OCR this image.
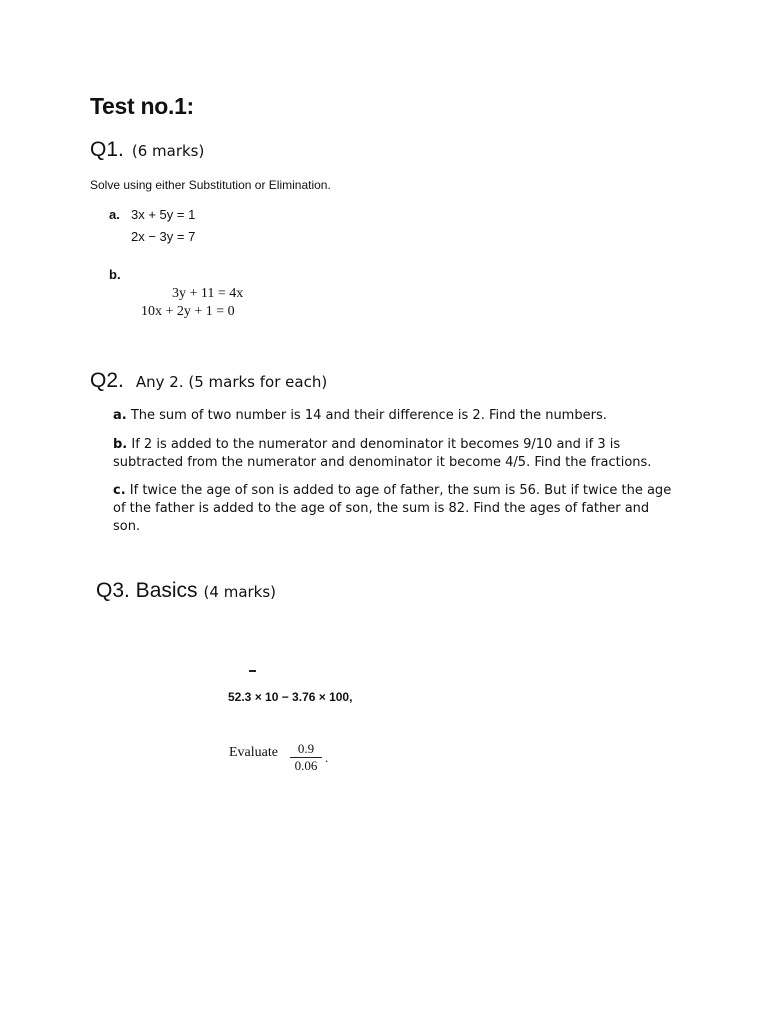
Test no.1:
Q1. (6 marks)
Solve using either Substitution or Elimination.
a. 3x + 5y = 1
2x − 3y = 7
b.
3y + 11 = 4x
10x + 2y + 1 = 0
Q2. Any 2. (5 marks for each)
a. The sum of two number is 14 and their difference is 2. Find the numbers.
b. If 2 is added to the numerator and denominator it becomes 9/10 and if 3 is subtracted from the numerator and denominator it become 4/5. Find the fractions.
c. If twice the age of son is added to age of father, the sum is 56. But if twice the age of the father is added to the age of son, the sum is 82. Find the ages of father and son.
Q3. Basics (4 marks)
52.3 × 10 − 3.76 × 100,
Evaluate	0.9
0.06
.
